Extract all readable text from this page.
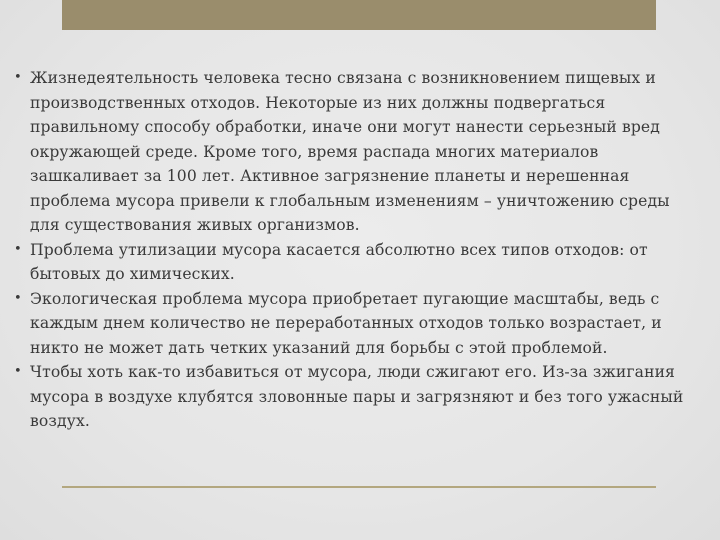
• Жизнедеятельность человека тесно связана с возникновением пищевых и производственных отходов. Некоторые из них должны подвергаться правильному способу обработки, иначе они могут нанести серьезный вред окружающей среде. Кроме того, время распада многих материалов зашкаливает за 100 лет. Активное загрязнение планеты и нерешенная проблема мусора привели к глобальным изменениям – уничтожению среды для существования живых организмов.
• Проблема утилизации мусора касается абсолютно всех типов отходов: от бытовых до химических.
• Экологическая проблема мусора приобретает пугающие масштабы, ведь с каждым днем количество не переработанных отходов только возрастает, и никто не может дать четких указаний для борьбы с этой проблемой.
• Чтобы хоть как-то избавиться от мусора, люди сжигают его. Из-за зжигания мусора в воздухе клубятся зловонные пары и загрязняют и без того ужасный воздух.
